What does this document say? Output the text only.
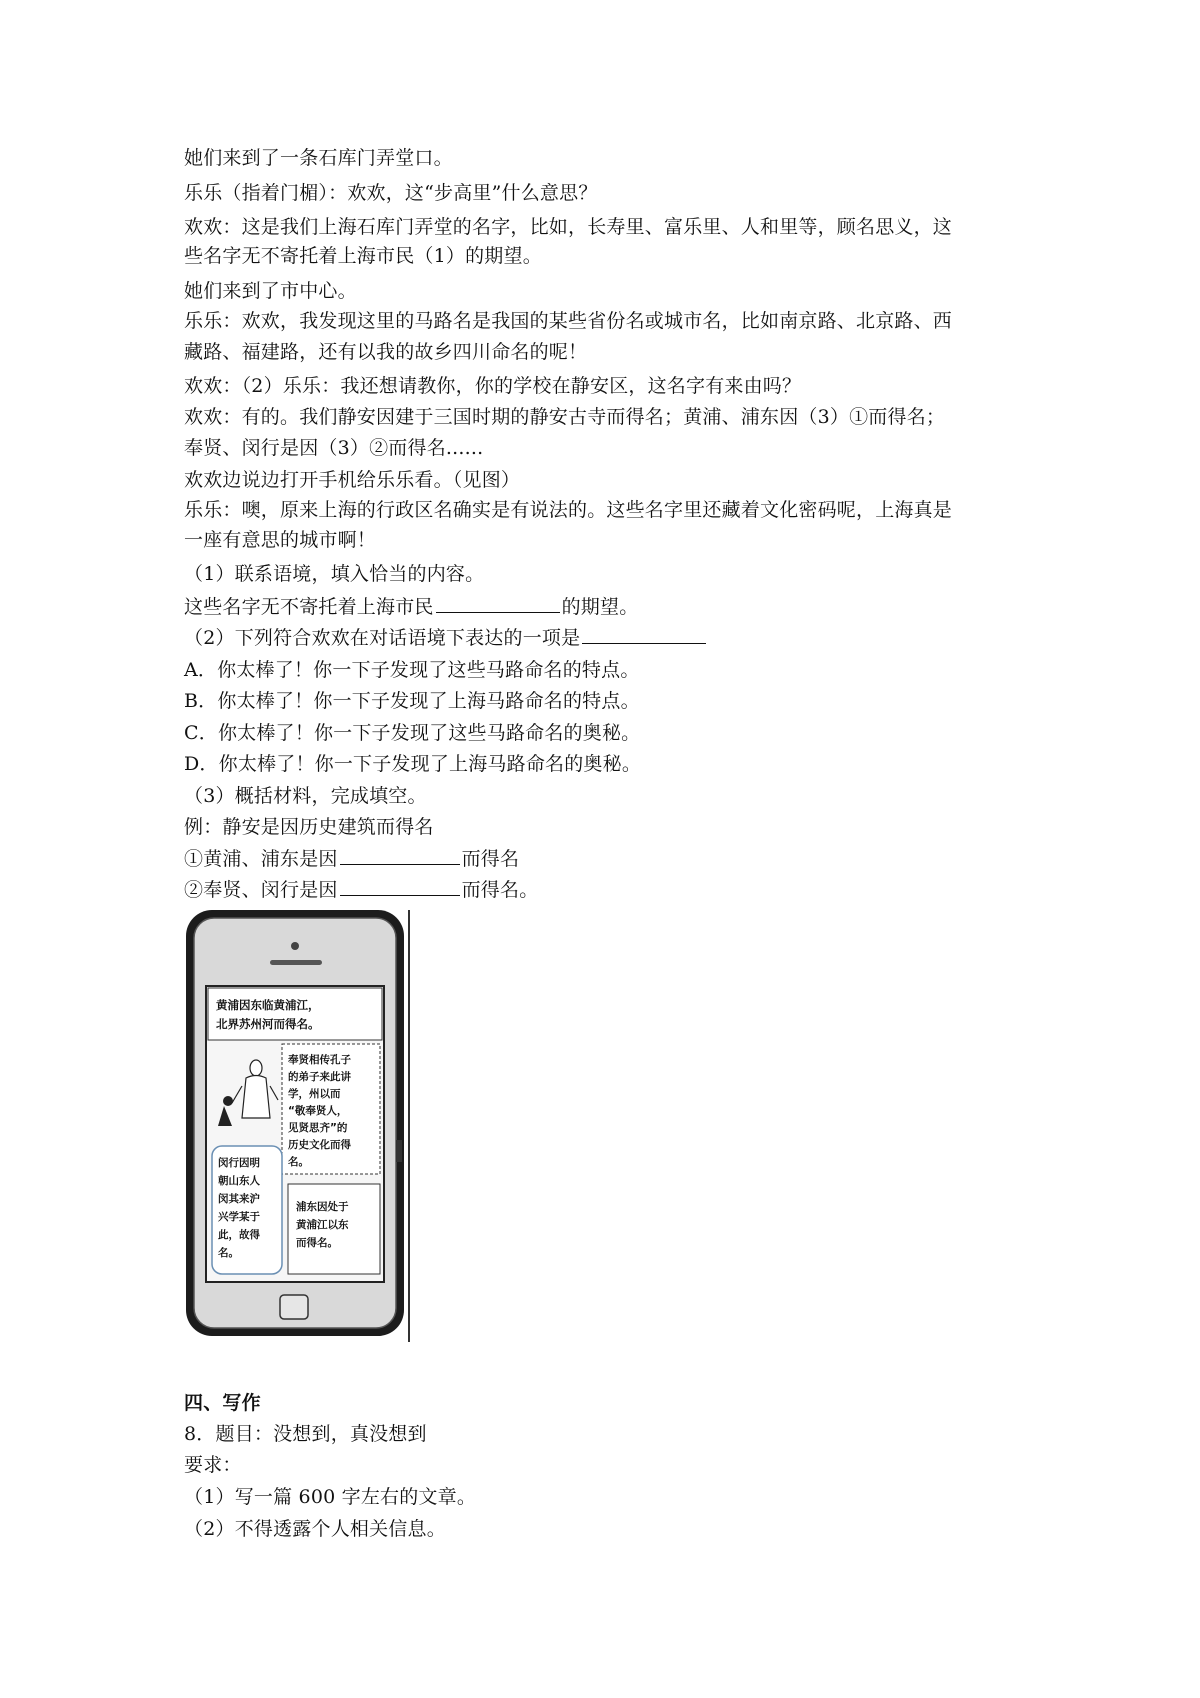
她们来到了一条石库门弄堂口。
乐乐（指着门楣）：欢欢，这“步高里”什么意思？
欢欢：这是我们上海石库门弄堂的名字，比如，长寿里、富乐里、人和里等，顾名思义，这
些名字无不寄托着上海市民（1）的期望。
她们来到了市中心。
乐乐：欢欢，我发现这里的马路名是我国的某些省份名或城市名，比如南京路、北京路、西
藏路、福建路，还有以我的故乡四川命名的呢！
欢欢：（2）乐乐：我还想请教你，你的学校在静安区，这名字有来由吗？
欢欢：有的。我们静安因建于三国时期的静安古寺而得名；黄浦、浦东因（3）①而得名；
奉贤、闵行是因（3）②而得名......
欢欢边说边打开手机给乐乐看。（见图）
乐乐：噢，原来上海的行政区名确实是有说法的。这些名字里还藏着文化密码呢，上海真是
一座有意思的城市啊！
（1）联系语境，填入恰当的内容。
这些名字无不寄托着上海市民	的期望。
（2）下列符合欢欢在对话语境下表达的一项是
A．你太棒了！你一下子发现了这些马路命名的特点。
B．你太棒了！你一下子发现了上海马路命名的特点。
C．你太棒了！你一下子发现了这些马路命名的奥秘。
D．你太棒了！你一下子发现了上海马路命名的奥秘。
（3）概括材料，完成填空。
例：静安是因历史建筑而得名
①黄浦、浦东是因	而得名
②奉贤、闵行是因	而得名。
黄浦因东临黄浦江，
北界苏州河而得名。
奉贤相传孔子
的弟子来此讲
学，州以而
“敬奉贤人，
见贤思齐”的
历史文化而得
名。
闵行因明
朝山东人
闵其来沪
兴学某于
此，故得
名。
浦东因处于
黄浦江以东
而得名。
四、写作
8．题目：没想到，真没想到
要求：
（1）写一篇 600 字左右的文章。
（2）不得透露个人相关信息。
